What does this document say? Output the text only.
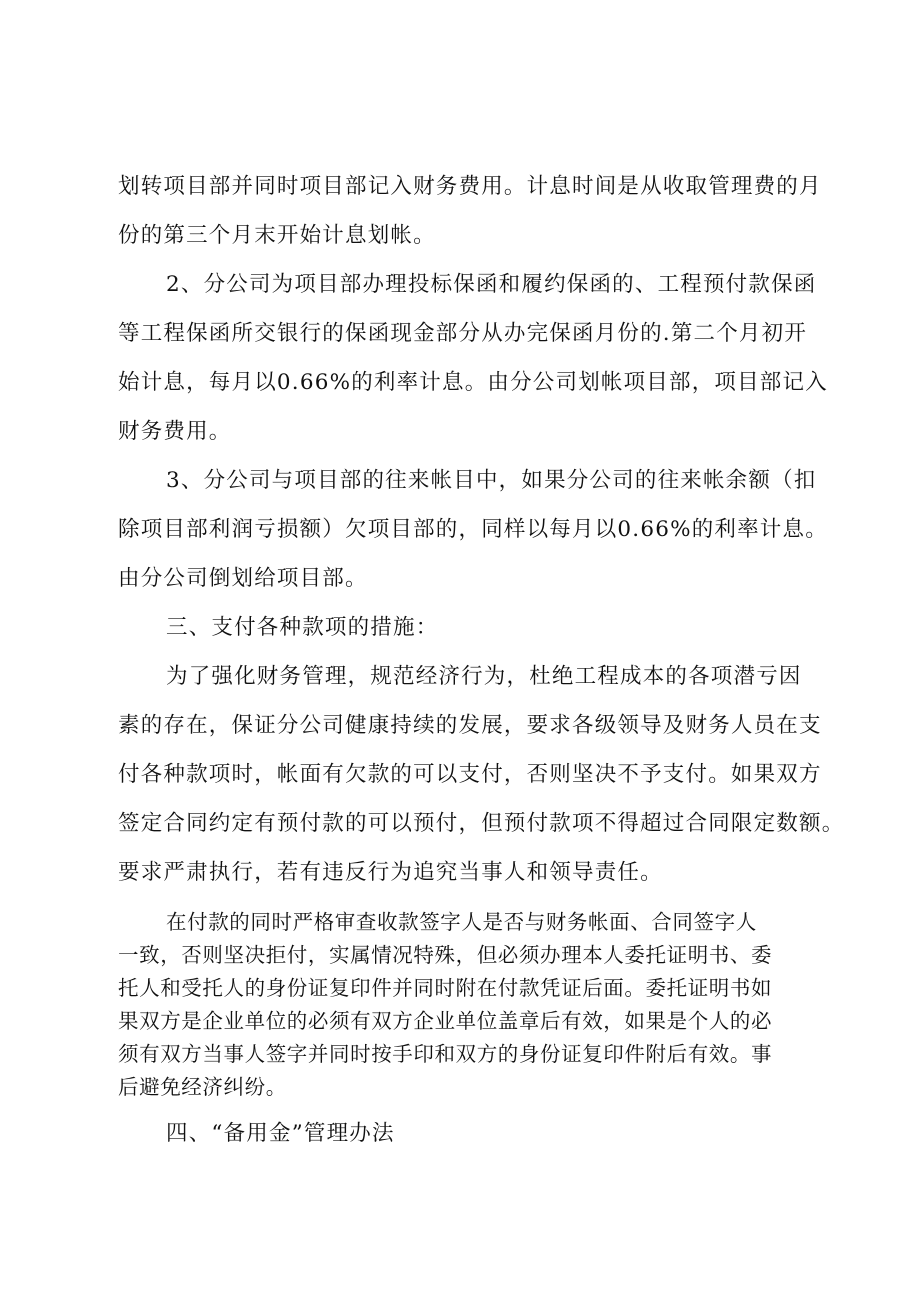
划转项目部并同时项目部记入财务费用。计息时间是从收取管理费的月
份的第三个月末开始计息划帐。
2、分公司为项目部办理投标保函和履约保函的、工程预付款保函
等工程保函所交银行的保函现金部分从办完保函月份的.第二个月初开
始计息，每月以0.66%的利率计息。由分公司划帐项目部，项目部记入
财务费用。
3、分公司与项目部的往来帐目中，如果分公司的往来帐余额（扣
除项目部利润亏损额）欠项目部的，同样以每月以0.66%的利率计息。
由分公司倒划给项目部。
三、支付各种款项的措施：
为了强化财务管理，规范经济行为，杜绝工程成本的各项潜亏因
素的存在，保证分公司健康持续的发展，要求各级领导及财务人员在支
付各种款项时，帐面有欠款的可以支付，否则坚决不予支付。如果双方
签定合同约定有预付款的可以预付，但预付款项不得超过合同限定数额。
要求严肃执行，若有违反行为追究当事人和领导责任。
在付款的同时严格审查收款签字人是否与财务帐面、合同签字人
一致，否则坚决拒付，实属情况特殊，但必须办理本人委托证明书、委
托人和受托人的身份证复印件并同时附在付款凭证后面。委托证明书如
果双方是企业单位的必须有双方企业单位盖章后有效，如果是个人的必
须有双方当事人签字并同时按手印和双方的身份证复印件附后有效。事
后避免经济纠纷。
四、“备用金”管理办法
